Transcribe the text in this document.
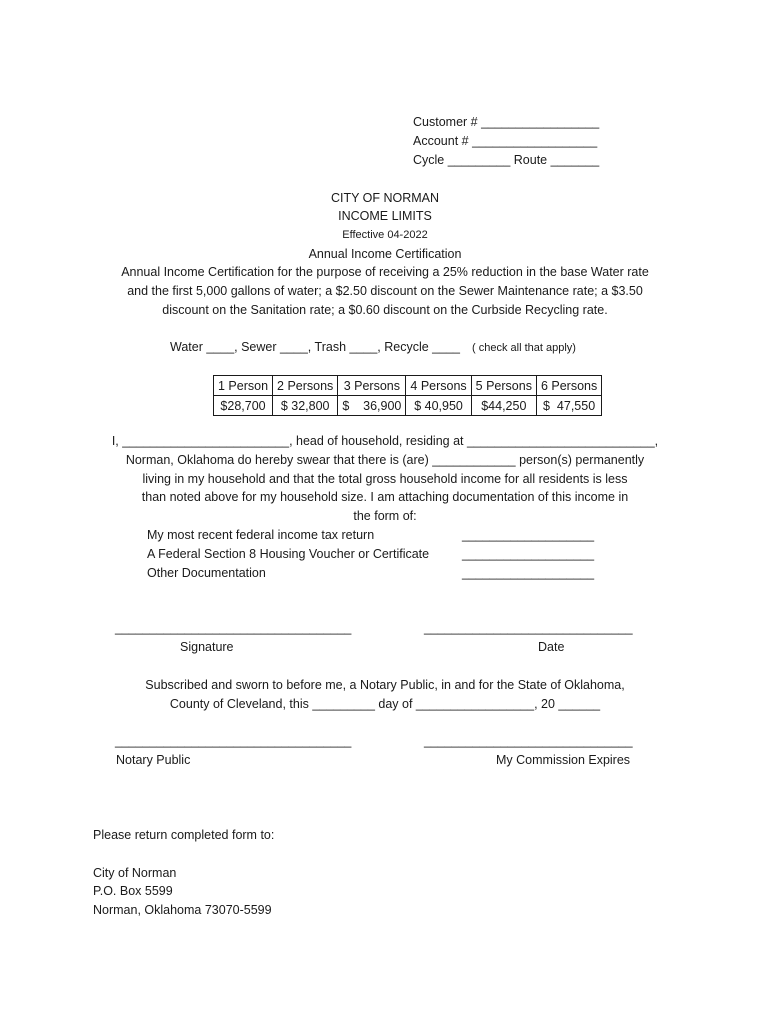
Customer # _________________
Account # __________________
Cycle _________ Route _______
CITY OF NORMAN
INCOME LIMITS
Effective 04-2022
Annual Income Certification
Annual Income Certification for the purpose of receiving a 25% reduction in the base Water rate
and the first 5,000 gallons of water; a $2.50 discount on the Sewer Maintenance rate; a $3.50
discount on the Sanitation rate; a $0.60 discount on the Curbside Recycling rate.
Water ____, Sewer ____, Trash ____, Recycle ____ ( check all that apply)
1 Person	2 Persons	3 Persons	4 Persons	5 Persons	6 Persons
$28,700	$ 32,800	$    36,900	$ 40,950	$44,250	$  47,550
I, ________________________, head of household, residing at ___________________________,
Norman, Oklahoma do hereby swear that there is (are) ____________ person(s) permanently
living in my household and that the total gross household income for all residents is less
than noted above for my household size. I am attaching documentation of this income in
the form of:
My most recent federal income tax return	___________________
A Federal Section 8 Housing Voucher or Certificate	___________________
Other Documentation	___________________
__________________________________
Signature
______________________________
Date
Subscribed and sworn to before me, a Notary Public, in and for the State of Oklahoma,
County of Cleveland, this _________ day of _________________, 20 ______
__________________________________
Notary Public
______________________________
My Commission Expires
Please return completed form to:
City of Norman
P.O. Box 5599
Norman, Oklahoma 73070-5599
